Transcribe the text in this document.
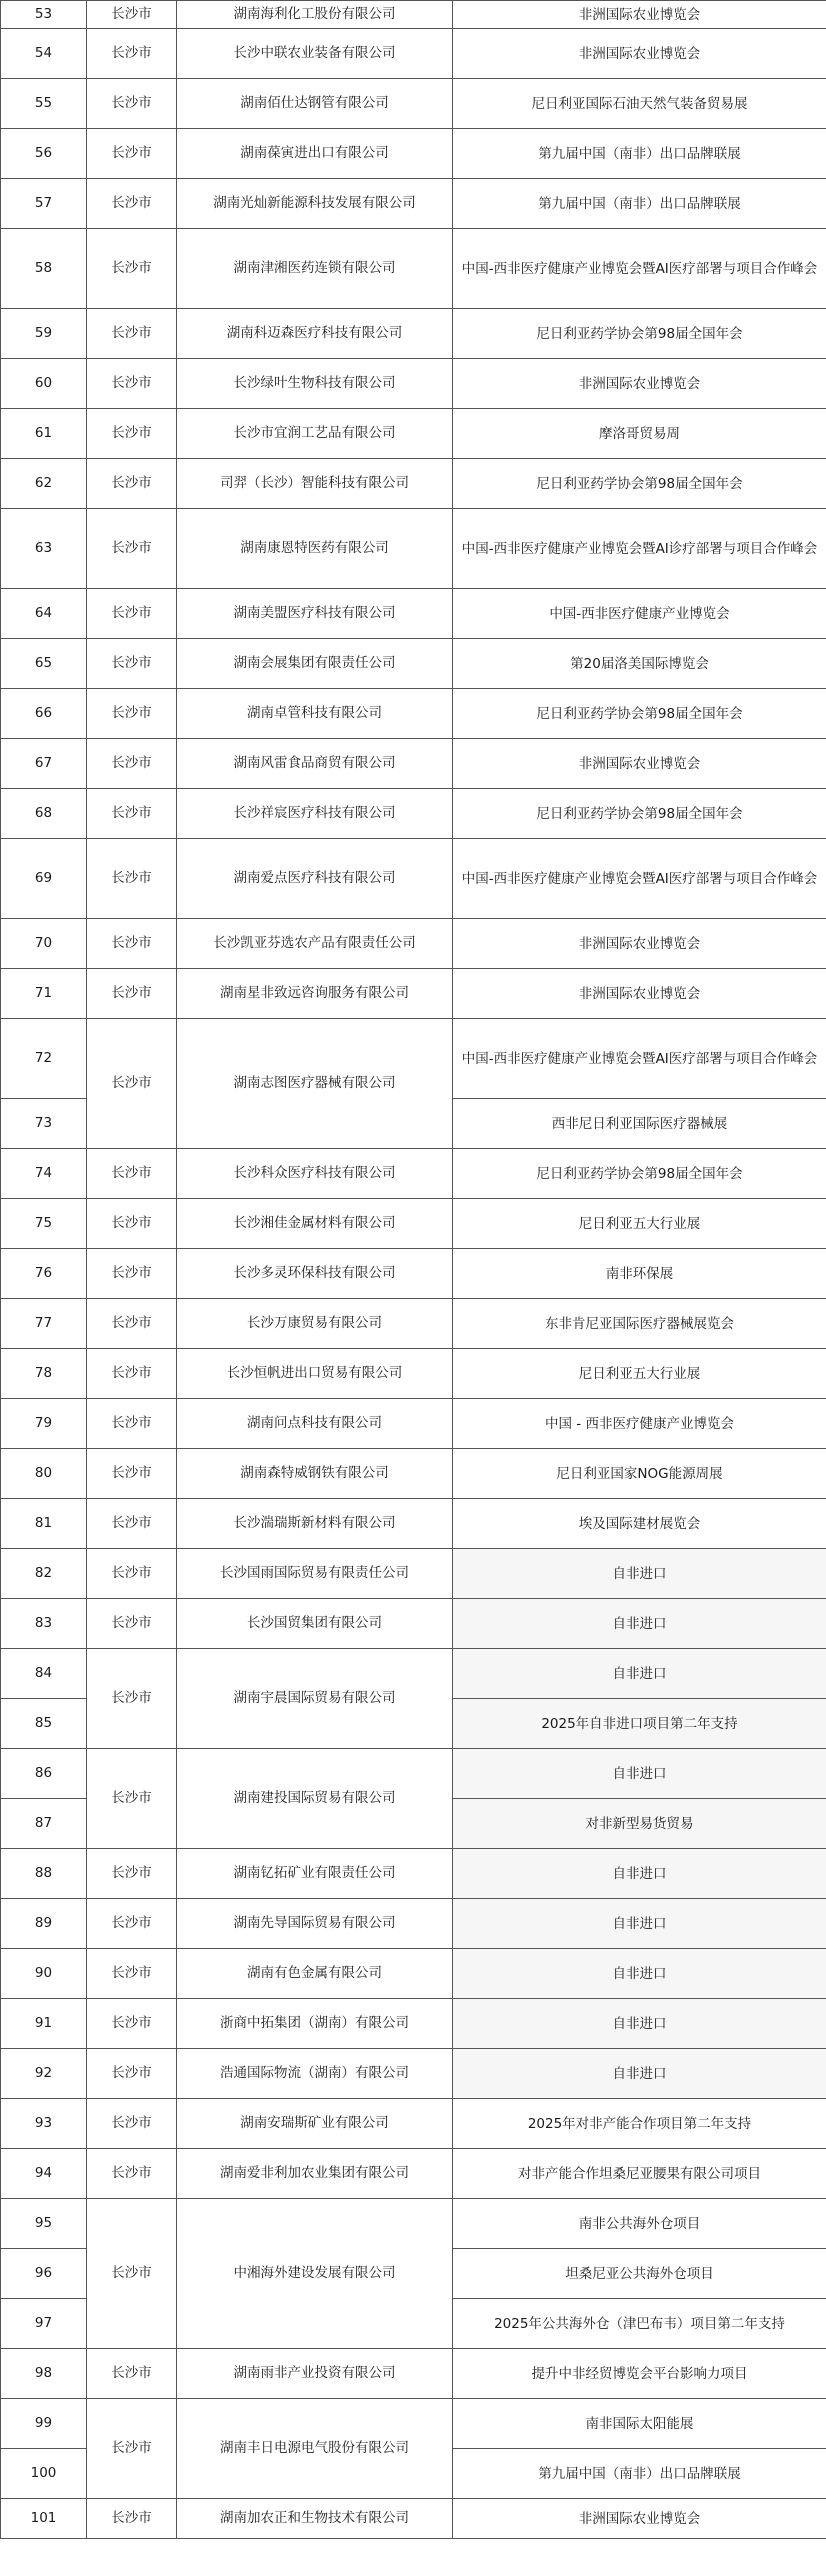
53	长沙市	湖南海利化工股份有限公司	非洲国际农业博览会
54	长沙市	长沙中联农业装备有限公司	非洲国际农业博览会
55	长沙市	湖南佰仕达钢管有限公司	尼日利亚国际石油天然气装备贸易展
56	长沙市	湖南葆寅进出口有限公司	第九届中国（南非）出口品牌联展
57	长沙市	湖南光灿新能源科技发展有限公司	第九届中国（南非）出口品牌联展
58	长沙市	湖南津湘医药连锁有限公司	中国-西非医疗健康产业博览会暨AI医疗部署与项目合作峰会
59	长沙市	湖南科迈森医疗科技有限公司	尼日利亚药学协会第98届全国年会
60	长沙市	长沙绿叶生物科技有限公司	非洲国际农业博览会
61	长沙市	长沙市宜润工艺品有限公司	摩洛哥贸易周
62	长沙市	司羿（长沙）智能科技有限公司	尼日利亚药学协会第98届全国年会
63	长沙市	湖南康恩特医药有限公司	中国-西非医疗健康产业博览会暨AI诊疗部署与项目合作峰会
64	长沙市	湖南美盟医疗科技有限公司	中国-西非医疗健康产业博览会
65	长沙市	湖南会展集团有限责任公司	第20届洛美国际博览会
66	长沙市	湖南卓管科技有限公司	尼日利亚药学协会第98届全国年会
67	长沙市	湖南风雷食品商贸有限公司	非洲国际农业博览会
68	长沙市	长沙祥宸医疗科技有限公司	尼日利亚药学协会第98届全国年会
69	长沙市	湖南爱点医疗科技有限公司	中国-西非医疗健康产业博览会暨AI医疗部署与项目合作峰会
70	长沙市	长沙凯亚芬选农产品有限责任公司	非洲国际农业博览会
71	长沙市	湖南星非致远咨询服务有限公司	非洲国际农业博览会
72	长沙市	湖南志图医疗器械有限公司	中国-西非医疗健康产业博览会暨AI医疗部署与项目合作峰会
73			西非尼日利亚国际医疗器械展
74	长沙市	长沙科众医疗科技有限公司	尼日利亚药学协会第98届全国年会
75	长沙市	长沙湘佳金属材料有限公司	尼日利亚五大行业展
76	长沙市	长沙多灵环保科技有限公司	南非环保展
77	长沙市	长沙万康贸易有限公司	东非肯尼亚国际医疗器械展览会
78	长沙市	长沙恒帆进出口贸易有限公司	尼日利亚五大行业展
79	长沙市	湖南问点科技有限公司	中国 - 西非医疗健康产业博览会
80	长沙市	湖南森特威钢铁有限公司	尼日利亚国家NOG能源周展
81	长沙市	长沙湍瑞斯新材料有限公司	埃及国际建材展览会
82	长沙市	长沙国雨国际贸易有限责任公司	自非进口
83	长沙市	长沙国贸集团有限公司	自非进口
84	长沙市	湖南宇晨国际贸易有限公司	自非进口
85			2025年自非进口项目第二年支持
86	长沙市	湖南建投国际贸易有限公司	自非进口
87			对非新型易货贸易
88	长沙市	湖南钇拓矿业有限责任公司	自非进口
89	长沙市	湖南先导国际贸易有限公司	自非进口
90	长沙市	湖南有色金属有限公司	自非进口
91	长沙市	浙商中拓集团（湖南）有限公司	自非进口
92	长沙市	浩通国际物流（湖南）有限公司	自非进口
93	长沙市	湖南安瑞斯矿业有限公司	2025年对非产能合作项目第二年支持
94	长沙市	湖南爱非利加农业集团有限公司	对非产能合作坦桑尼亚腰果有限公司项目
95	长沙市	中湘海外建设发展有限公司	南非公共海外仓项目
96			坦桑尼亚公共海外仓项目
97			2025年公共海外仓（津巴布韦）项目第二年支持
98	长沙市	湖南雨非产业投资有限公司	提升中非经贸博览会平台影响力项目
99	长沙市	湖南丰日电源电气股份有限公司	南非国际太阳能展
100			第九届中国（南非）出口品牌联展
101	长沙市	湖南加农正和生物技术有限公司	非洲国际农业博览会
